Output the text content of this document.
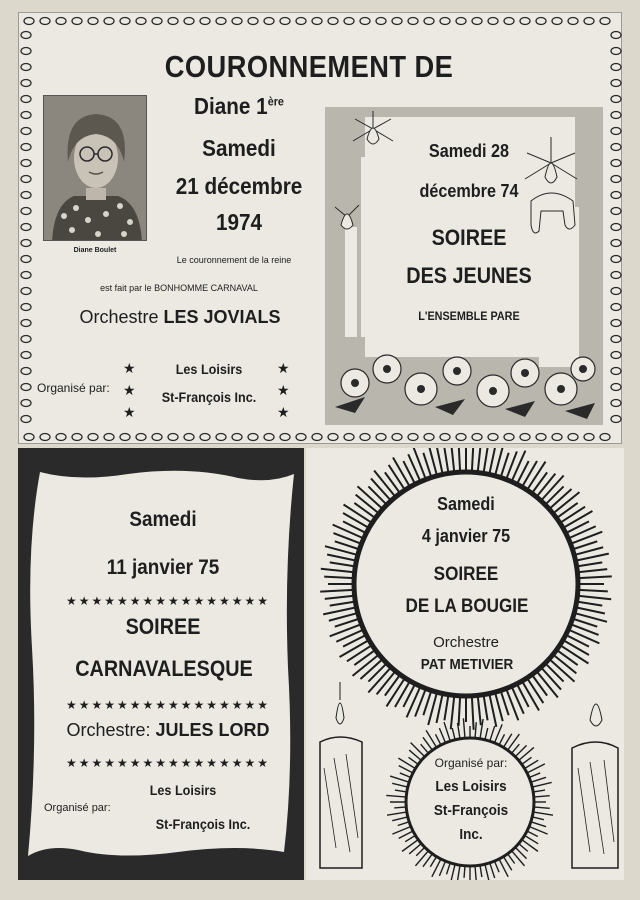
COURONNEMENT DE
Diane 1ère
Samedi
21 décembre
1974
Diane Boulet
Le couronnement de la reine
est fait par le BONHOMME CARNAVAL
Orchestre LES JOVIALS
★
★
★
★
★
★
Organisé par:
Les Loisirs
St-François Inc.
Samedi 28
décembre 74
SOIREE
DES JEUNES
L'ENSEMBLE PARE
Samedi
11 janvier 75
★★★★★★★★★★★★★★★★
SOIREE
CARNAVALESQUE
★★★★★★★★★★★★★★★★
Orchestre: JULES LORD
★★★★★★★★★★★★★★★★
Les Loisirs
Organisé par:
St-François Inc.
Samedi
4 janvier 75
SOIREE
DE LA BOUGIE
Orchestre
PAT METIVIER
Organisé par:
Les Loisirs
St-François
Inc.
